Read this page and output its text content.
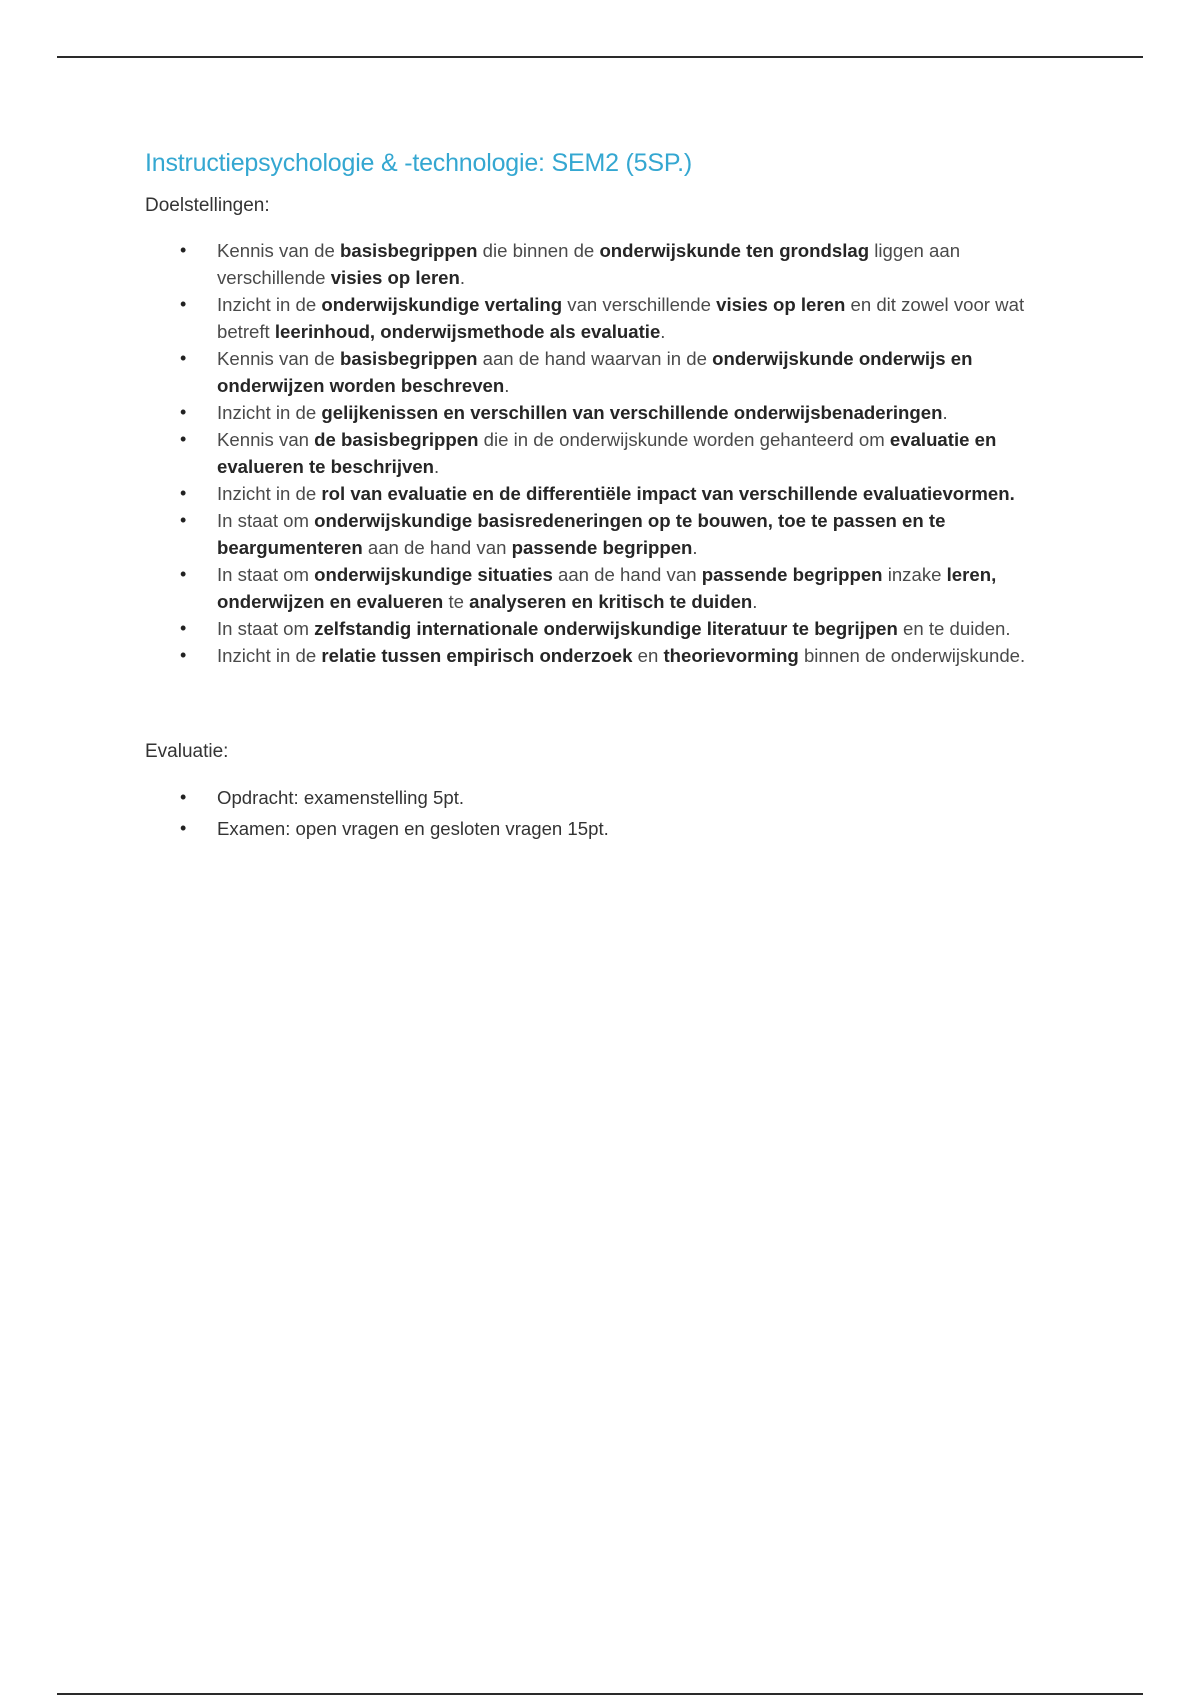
Instructiepsychologie & -technologie: SEM2 (5SP.)

Doelstellingen:

• Kennis van de basisbegrippen die binnen de onderwijskunde ten grondslag liggen aan verschillende visies op leren.
• Inzicht in de onderwijskundige vertaling van verschillende visies op leren en dit zowel voor wat betreft leerinhoud, onderwijsmethode als evaluatie.
• Kennis van de basisbegrippen aan de hand waarvan in de onderwijskunde onderwijs en onderwijzen worden beschreven.
• Inzicht in de gelijkenissen en verschillen van verschillende onderwijsbenaderingen.
• Kennis van de basisbegrippen die in de onderwijskunde worden gehanteerd om evaluatie en evalueren te beschrijven.
• Inzicht in de rol van evaluatie en de differentiële impact van verschillende evaluatievormen.
• In staat om onderwijskundige basisredeneringen op te bouwen, toe te passen en te beargumenteren aan de hand van passende begrippen.
• In staat om onderwijskundige situaties aan de hand van passende begrippen inzake leren, onderwijzen en evalueren te analyseren en kritisch te duiden.
• In staat om zelfstandig internationale onderwijskundige literatuur te begrijpen en te duiden.
• Inzicht in de relatie tussen empirisch onderzoek en theorievorming binnen de onderwijskunde.

Evaluatie:

• Opdracht: examenstelling 5pt.
• Examen: open vragen en gesloten vragen 15pt.
